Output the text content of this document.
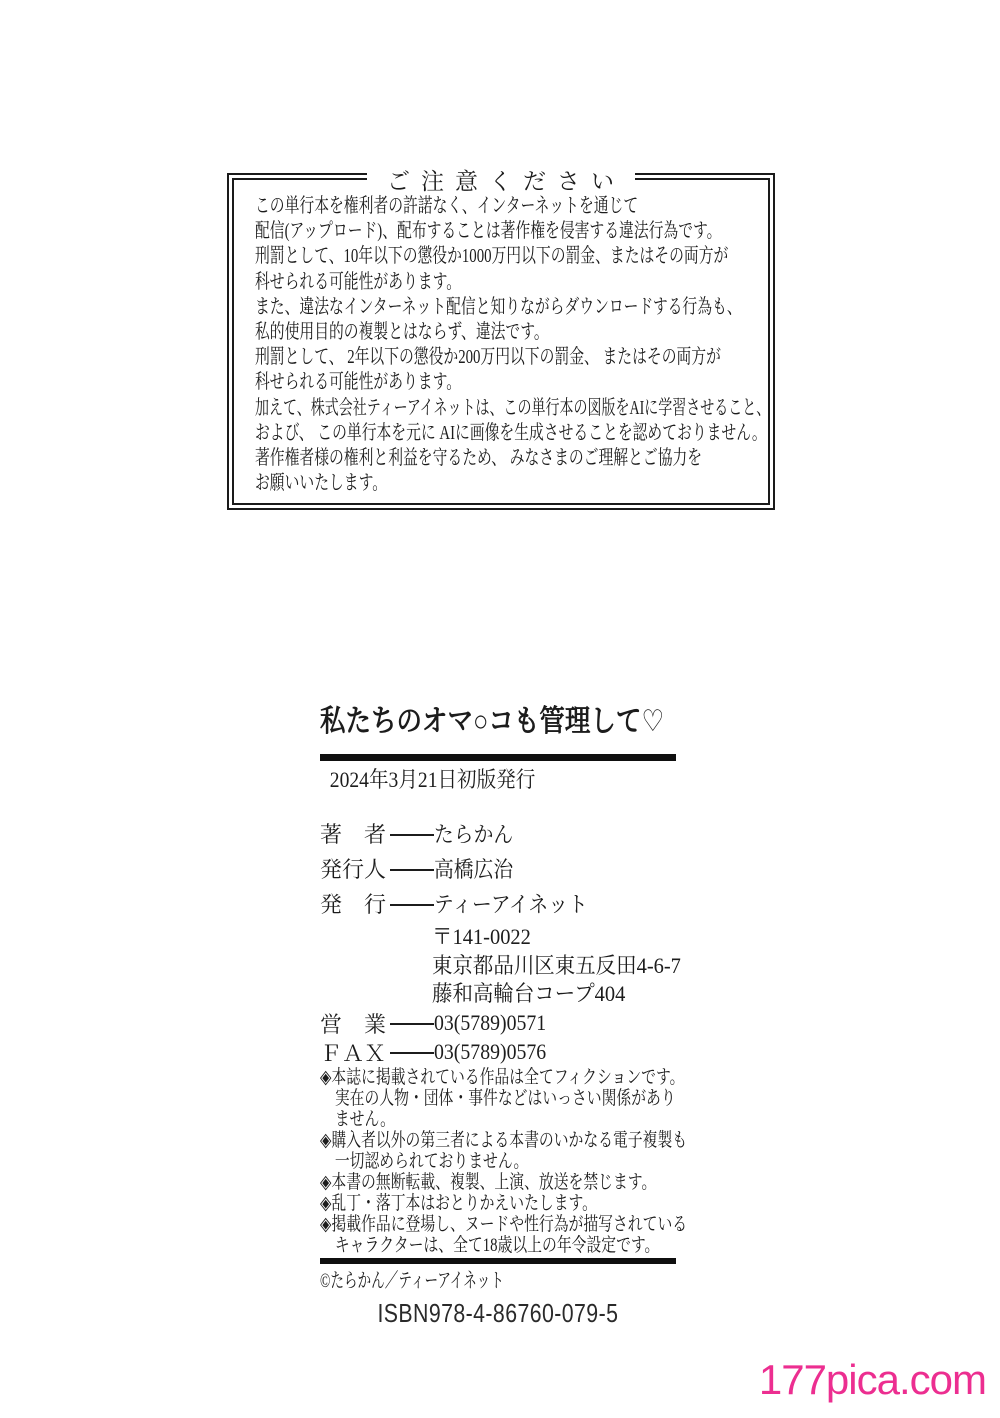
ご注意ください
この単行本を権利者の許諾なく、インターネットを通じて
配信(アップロード)、配布することは著作権を侵害する違法行為です。
刑罰として、10年以下の懲役か1000万円以下の罰金、またはその両方が
科せられる可能性があります。
また、違法なインターネット配信と知りながらダウンロードする行為も、
私的使用目的の複製とはならず、違法です。
刑罰として、 2年以下の懲役か200万円以下の罰金、 またはその両方が
科せられる可能性があります。
加えて、株式会社ティーアイネットは、この単行本の図版をAIに学習させること、
および、 この単行本を元に AIに画像を生成させることを認めておりません。
著作権者様の権利と利益を守るため、 みなさまのご理解とご協力を
お願いいたします。
私たちのオマ○コも管理して♡
2024年3月21日初版発行
著　者 たらかん
発行人 高橋広治
発　行 ティーアイネット
〒141-0022
東京都品川区東五反田4-6-7
藤和高輪台コープ404
営　業 03(5789)0571
ＦＡＸ 03(5789)0576
◈本誌に掲載されている作品は全てフィクションです。実在の人物・団体・事件などはいっさい関係がありません。
◈購入者以外の第三者による本書のいかなる電子複製も一切認められておりません。
◈本書の無断転載、複製、上演、放送を禁じます。
◈乱丁・落丁本はおとりかえいたします。
◈掲載作品に登場し、ヌードや性行為が描写されているキャラクターは、全て18歳以上の年令設定です。
©たらかん／ティーアイネット
ISBN978-4-86760-079-5
177pica.com
